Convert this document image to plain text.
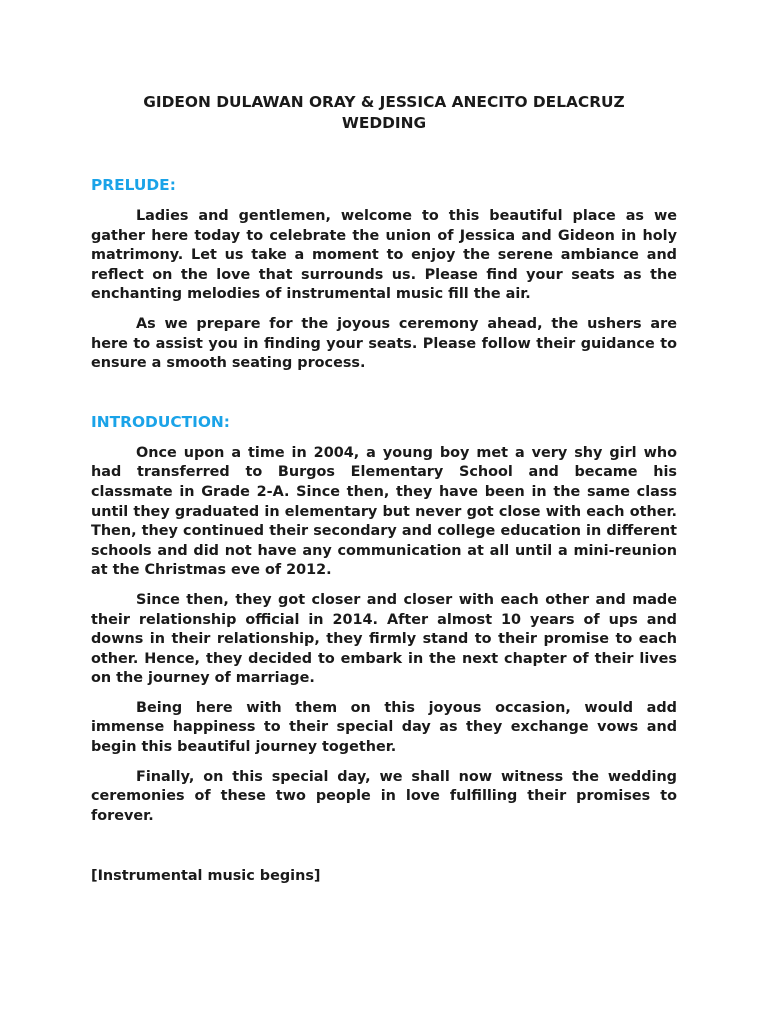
GIDEON DULAWAN ORAY & JESSICA ANECITO DELACRUZ WEDDING
PRELUDE:

Ladies and gentlemen, welcome to this beautiful place as we gather here today to celebrate the union of Jessica and Gideon in holy matrimony. Let us take a moment to enjoy the serene ambiance and reflect on the love that surrounds us. Please find your seats as the enchanting melodies of instrumental music fill the air.

As we prepare for the joyous ceremony ahead, the ushers are here to assist you in finding your seats. Please follow their guidance to ensure a smooth seating process.

INTRODUCTION:

Once upon a time in 2004, a young boy met a very shy girl who had transferred to Burgos Elementary School and became his classmate in Grade 2-A. Since then, they have been in the same class until they graduated in elementary but never got close with each other. Then, they continued their secondary and college education in different schools and did not have any communication at all until a mini-reunion at the Christmas eve of 2012.

Since then, they got closer and closer with each other and made their relationship official in 2014. After almost 10 years of ups and downs in their relationship, they firmly stand to their promise to each other. Hence, they decided to embark in the next chapter of their lives on the journey of marriage.

Being here with them on this joyous occasion, would add immense happiness to their special day as they exchange vows and begin this beautiful journey together.

Finally, on this special day, we shall now witness the wedding ceremonies of these two people in love fulfilling their promises to forever.

[Instrumental music begins]
